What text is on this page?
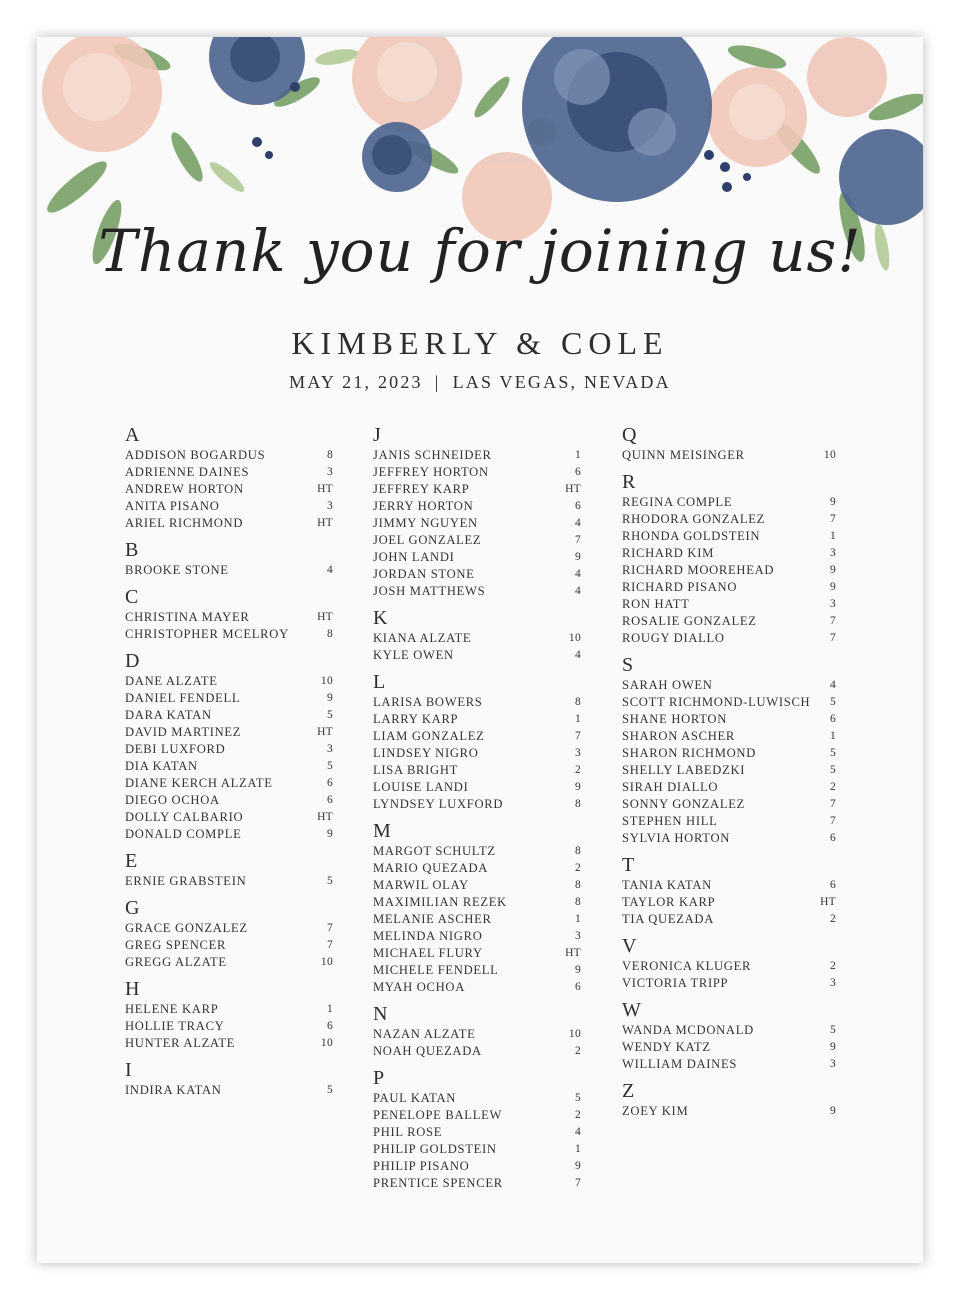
Thank you for joining us!
KIMBERLY & COLE
MAY 21, 2023 | LAS VEGAS, NEVADA
A
ADDISON BOGARDUS	8
ADRIENNE DAINES	3
ANDREW HORTON	HT
ANITA PISANO	3
ARIEL RICHMOND	HT
B
BROOKE STONE	4
C
CHRISTINA MAYER	HT
CHRISTOPHER MCELROY	8
D
DANE ALZATE	10
DANIEL FENDELL	9
DARA KATAN	5
DAVID MARTINEZ	HT
DEBI LUXFORD	3
DIA KATAN	5
DIANE KERCH ALZATE	6
DIEGO OCHOA	6
DOLLY CALBARIO	HT
DONALD COMPLE	9
E
ERNIE GRABSTEIN	5
G
GRACE GONZALEZ	7
GREG SPENCER	7
GREGG ALZATE	10
H
HELENE KARP	1
HOLLIE TRACY	6
HUNTER ALZATE	10
I
INDIRA KATAN	5
J
JANIS SCHNEIDER	1
JEFFREY HORTON	6
JEFFREY KARP	HT
JERRY HORTON	6
JIMMY NGUYEN	4
JOEL GONZALEZ	7
JOHN LANDI	9
JORDAN STONE	4
JOSH MATTHEWS	4
K
KIANA ALZATE	10
KYLE OWEN	4
L
LARISA BOWERS	8
LARRY KARP	1
LIAM GONZALEZ	7
LINDSEY NIGRO	3
LISA BRIGHT	2
LOUISE LANDI	9
LYNDSEY LUXFORD	8
M
MARGOT SCHULTZ	8
MARIO QUEZADA	2
MARWIL OLAY	8
MAXIMILIAN REZEK	8
MELANIE ASCHER	1
MELINDA NIGRO	3
MICHAEL FLURY	HT
MICHELE FENDELL	9
MYAH OCHOA	6
N
NAZAN ALZATE	10
NOAH QUEZADA	2
P
PAUL KATAN	5
PENELOPE BALLEW	2
PHIL ROSE	4
PHILIP GOLDSTEIN	1
PHILIP PISANO	9
PRENTICE SPENCER	7
Q
QUINN MEISINGER	10
R
REGINA COMPLE	9
RHODORA GONZALEZ	7
RHONDA GOLDSTEIN	1
RICHARD KIM	3
RICHARD MOOREHEAD	9
RICHARD PISANO	9
RON HATT	3
ROSALIE GONZALEZ	7
ROUGY DIALLO	7
S
SARAH OWEN	4
SCOTT RICHMOND-LUWISCH 5
SHANE HORTON	6
SHARON ASCHER	1
SHARON RICHMOND	5
SHELLY LABEDZKI	5
SIRAH DIALLO	2
SONNY GONZALEZ	7
STEPHEN HILL	7
SYLVIA HORTON	6
T
TANIA KATAN	6
TAYLOR KARP	HT
TIA QUEZADA	2
V
VERONICA KLUGER	2
VICTORIA TRIPP	3
W
WANDA MCDONALD	5
WENDY KATZ	9
WILLIAM DAINES	3
Z
ZOEY KIM	9
